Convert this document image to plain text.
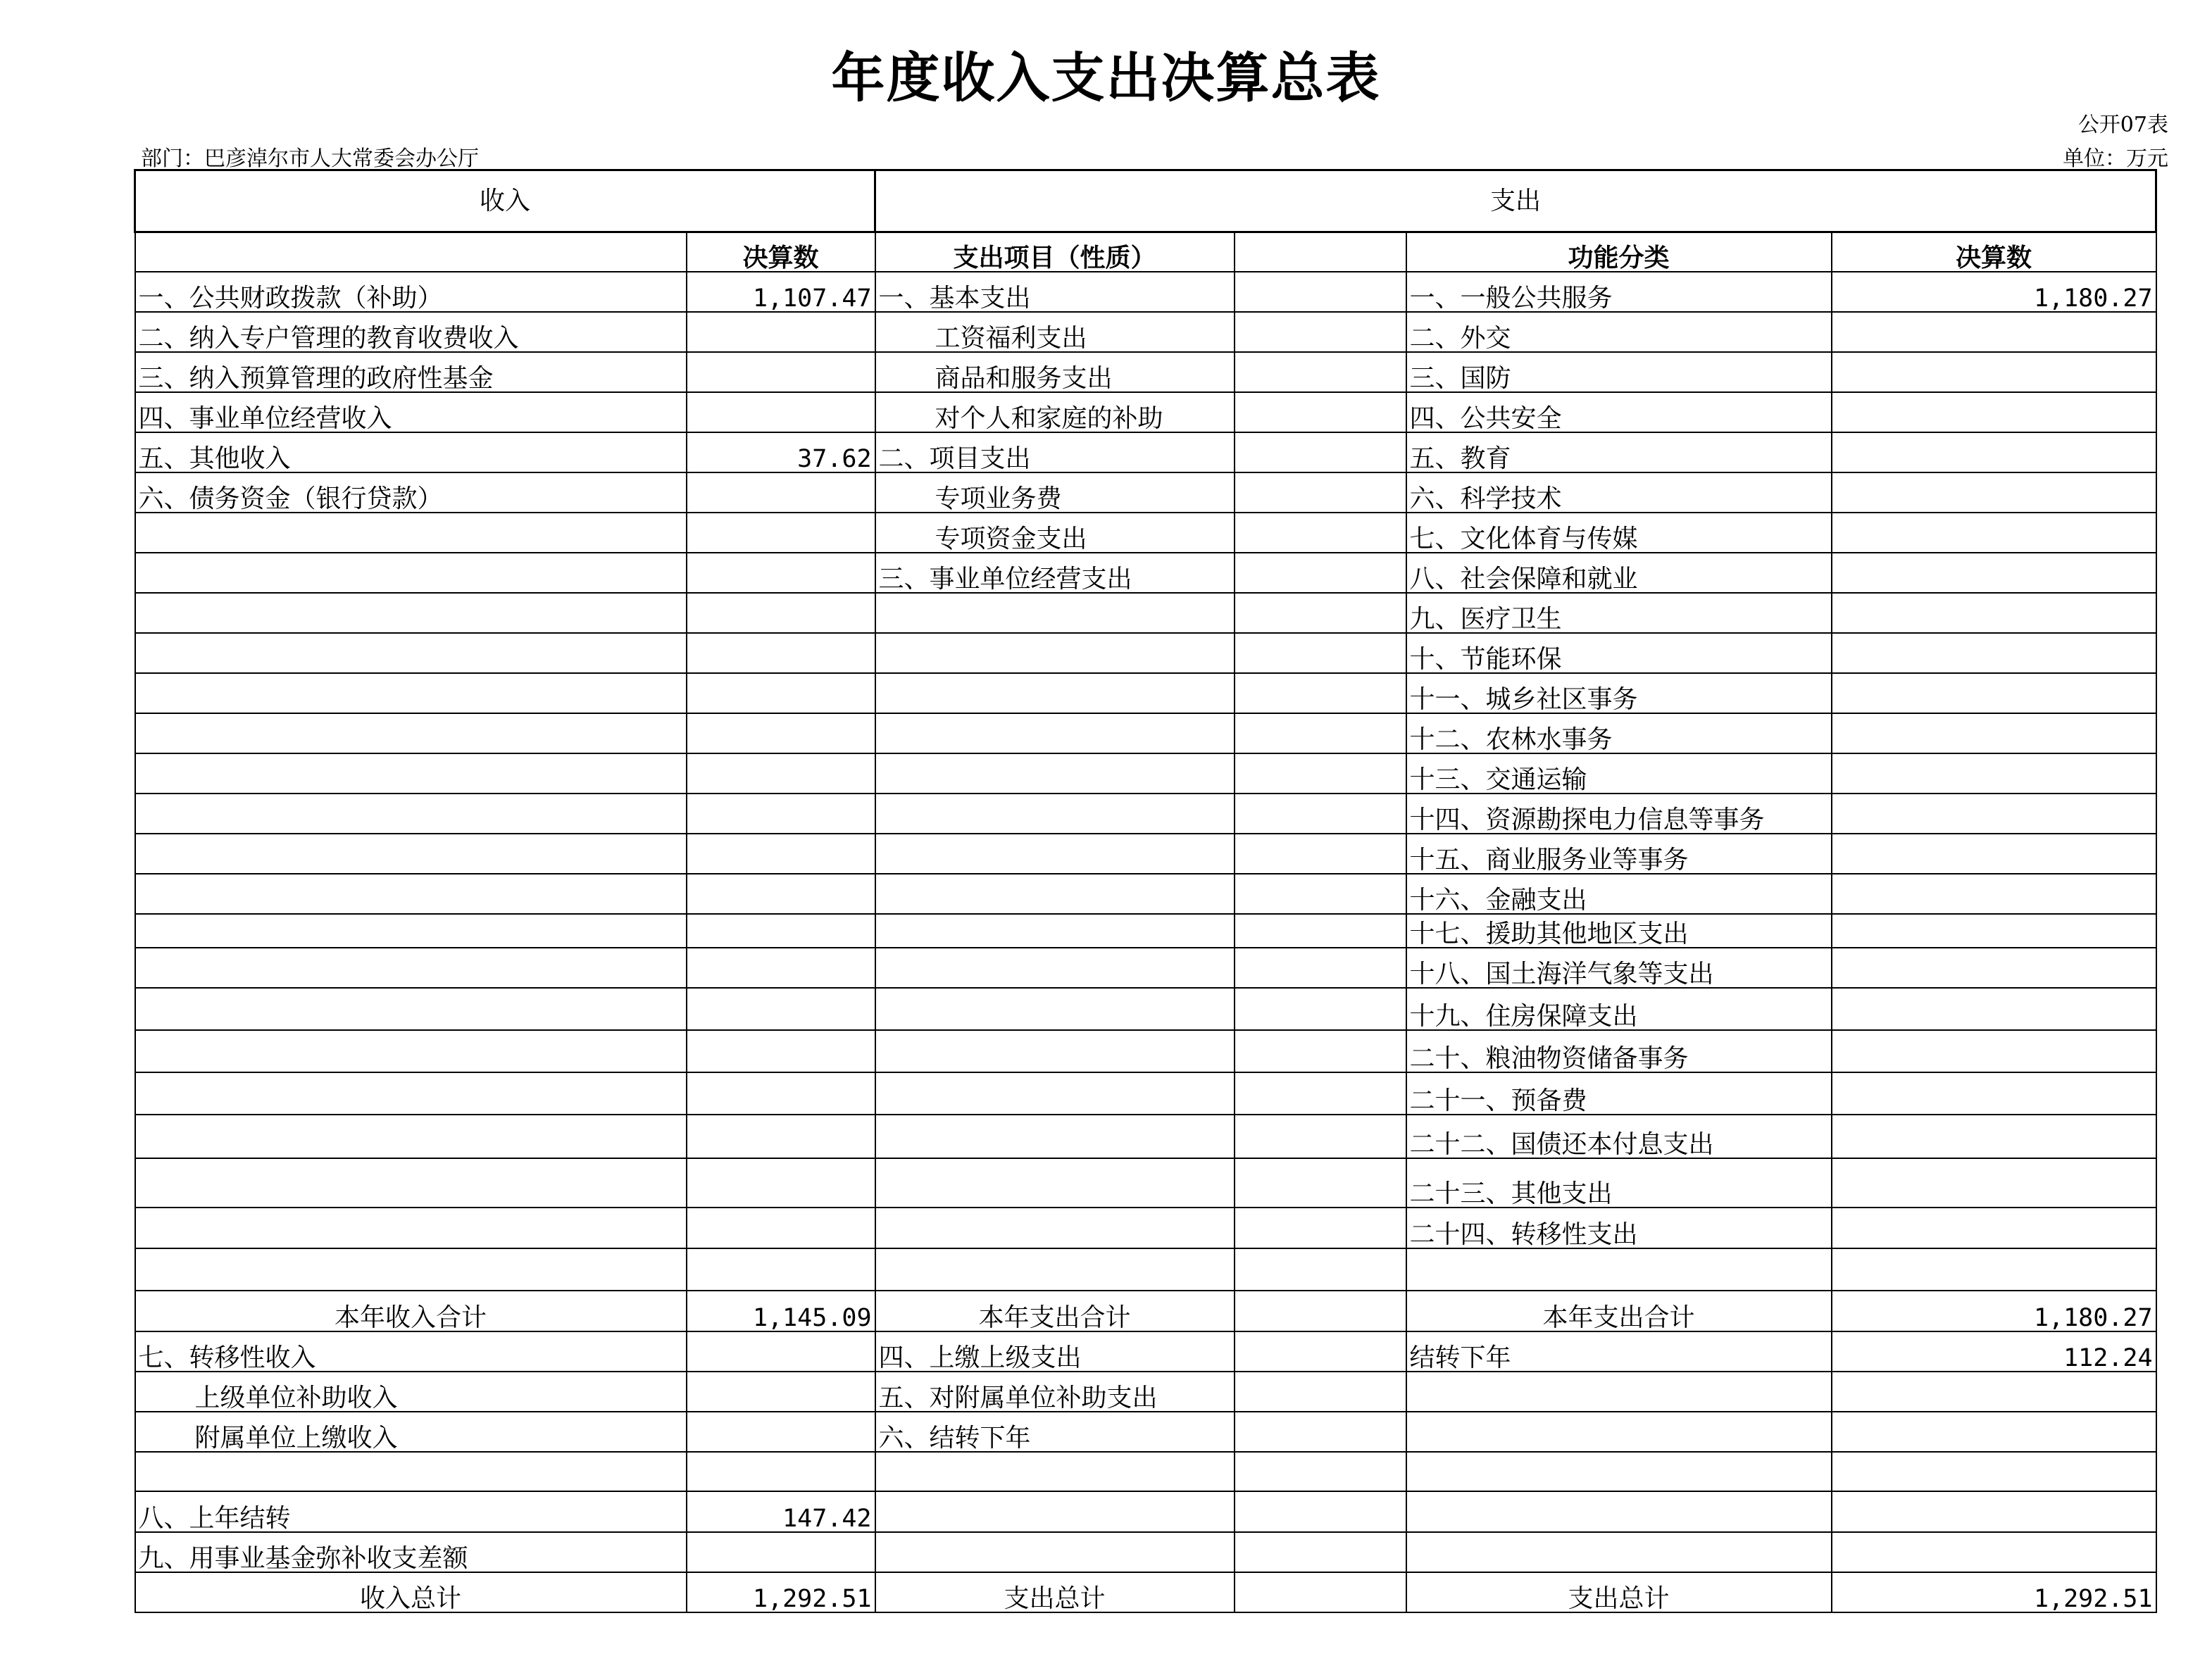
年度收入支出决算总表
公开07表
部门：巴彦淖尔市人大常委会办公厅	单位：万元
收入		支出			
	决算数	支出项目（性质）		功能分类	决算数
一、公共财政拨款（补助）	1,107.47	一、基本支出		一、一般公共服务	1,180.27
二、纳入专户管理的教育收费收入		工资福利支出		二、外交	
三、纳入预算管理的政府性基金		商品和服务支出		三、国防	
四、事业单位经营收入		对个人和家庭的补助		四、公共安全	
五、其他收入	37.62	二、项目支出		五、教育	
六、债务资金（银行贷款）		专项业务费		六、科学技术	
		专项资金支出		七、文化体育与传媒	
		三、事业单位经营支出		八、社会保障和就业	
				九、医疗卫生	
				十、节能环保	
				十一、城乡社区事务	
				十二、农林水事务	
				十三、交通运输	
				十四、资源勘探电力信息等事务	
				十五、商业服务业等事务	
				十六、金融支出	
				十七、援助其他地区支出	
				十八、国土海洋气象等支出	
				十九、住房保障支出	
				二十、粮油物资储备事务	
				二十一、预备费	
				二十二、国债还本付息支出	
				二十三、其他支出	
				二十四、转移性支出	

本年收入合计	1,145.09	本年支出合计		本年支出合计	1,180.27
七、转移性收入		四、上缴上级支出		结转下年	112.24
上级单位补助收入		五、对附属单位补助支出			
附属单位上缴收入		六、结转下年			

八、上年结转	147.42				
九、用事业基金弥补收支差额					
收入总计	1,292.51	支出总计		支出总计	1,292.51
